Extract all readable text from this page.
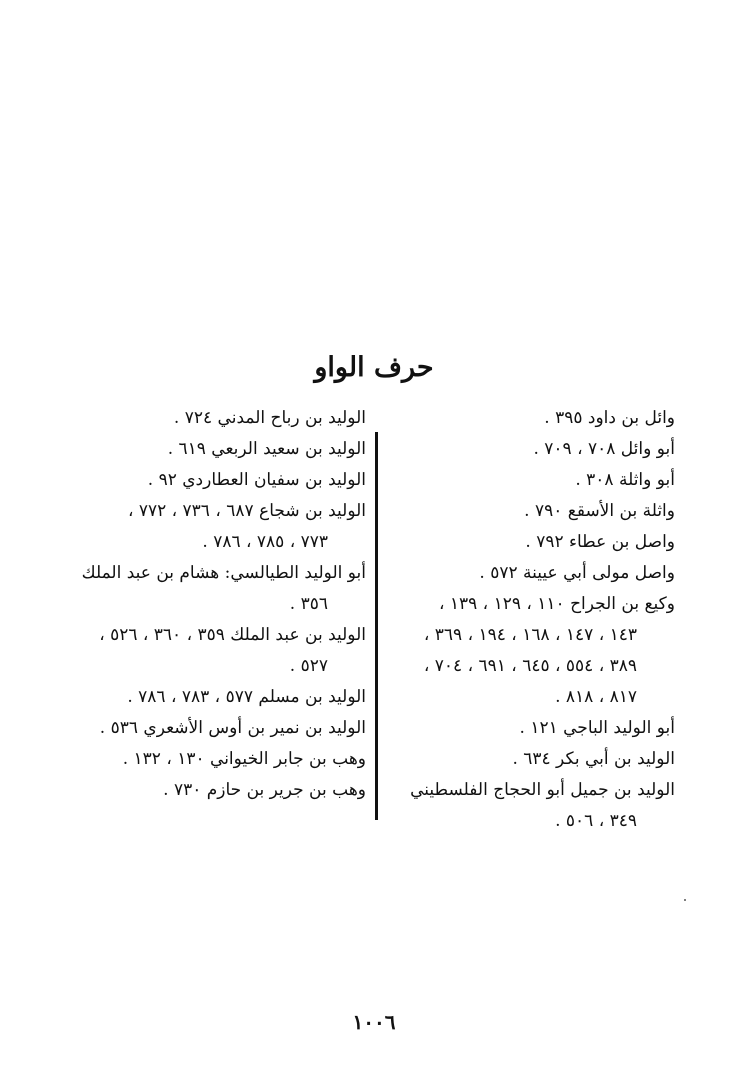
حرف الواو
وائل بن داود ٣٩٥ .
أبو وائل ٧٠٨ ، ٧٠٩ .
أبو واثلة ٣٠٨ .
واثلة بن الأسقع ٧٩٠ .
واصل بن عطاء ٧٩٢ .
واصل مولى أبي عيينة ٥٧٢ .
وكيع بن الجراح ١١٠ ، ١٢٩ ، ١٣٩ ،
١٤٣ ، ١٤٧ ، ١٦٨ ، ١٩٤ ، ٣٦٩ ،
٣٨٩ ، ٥٥٤ ، ٦٤٥ ، ٦٩١ ، ٧٠٤ ،
٨١٧ ، ٨١٨ .
أبو الوليد الباجي ١٢١ .
الوليد بن أبي بكر ٦٣٤ .
الوليد بن جميل أبو الحجاج الفلسطيني
٣٤٩ ، ٥٠٦ .
الوليد بن رباح المدني ٧٢٤ .
الوليد بن سعيد الربعي ٦١٩ .
الوليد بن سفيان العطاردي ٩٢ .
الوليد بن شجاع ٦٨٧ ، ٧٣٦ ، ٧٧٢ ،
٧٧٣ ، ٧٨٥ ، ٧٨٦ .
أبو الوليد الطيالسي: هشام بن عبد الملك
٣٥٦ .
الوليد بن عبد الملك ٣٥٩ ، ٣٦٠ ، ٥٢٦ ،
٥٢٧ .
الوليد بن مسلم ٥٧٧ ، ٧٨٣ ، ٧٨٦ .
الوليد بن نمير بن أوس الأشعري ٥٣٦ .
وهب بن جابر الخيواني ١٣٠ ، ١٣٢ .
وهب بن جرير بن حازم ٧٣٠ .
١٠٠٦
